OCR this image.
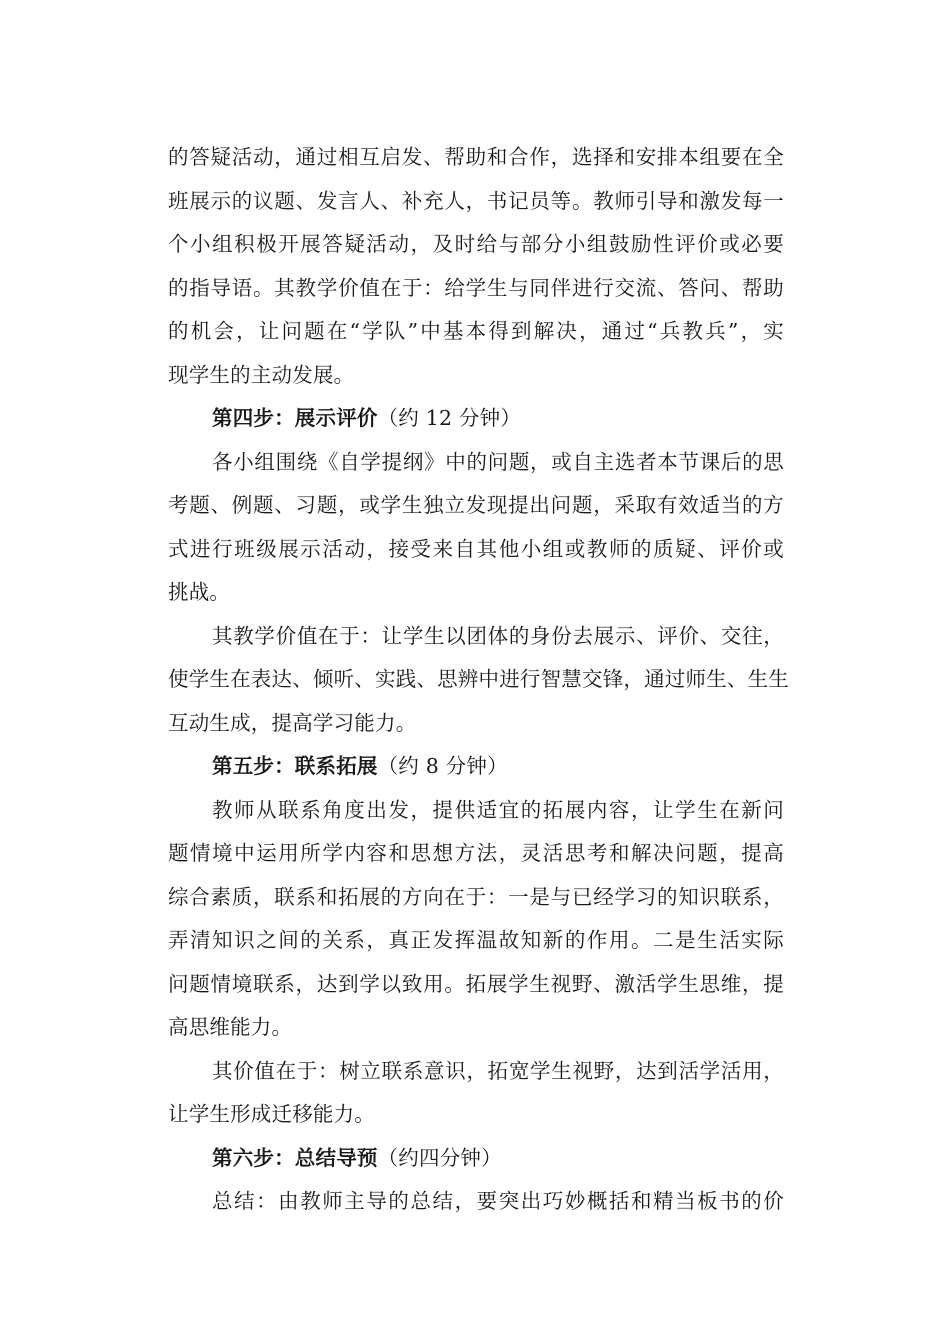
的答疑活动，通过相互启发、帮助和合作，选择和安排本组要在全
班展示的议题、发言人、补充人，书记员等。教师引导和激发每一
个小组积极开展答疑活动，及时给与部分小组鼓励性评价或必要
的指导语。其教学价值在于：给学生与同伴进行交流、答问、帮助
的机会，让问题在“学队”中基本得到解决，通过“兵教兵”，实
现学生的主动发展。
第四步：展示评价（约 12 分钟）
各小组围绕《自学提纲》中的问题，或自主选者本节课后的思
考题、例题、习题，或学生独立发现提出问题，采取有效适当的方
式进行班级展示活动，接受来自其他小组或教师的质疑、评价或
挑战。
其教学价值在于：让学生以团体的身份去展示、评价、交往，
使学生在表达、倾听、实践、思辨中进行智慧交锋，通过师生、生生
互动生成，提高学习能力。
第五步：联系拓展（约 8 分钟）
教师从联系角度出发，提供适宜的拓展内容，让学生在新问
题情境中运用所学内容和思想方法，灵活思考和解决问题，提高
综合素质，联系和拓展的方向在于：一是与已经学习的知识联系，
弄清知识之间的关系，真正发挥温故知新的作用。二是生活实际
问题情境联系，达到学以致用。拓展学生视野、激活学生思维，提
高思维能力。
其价值在于：树立联系意识，拓宽学生视野，达到活学活用，
让学生形成迁移能力。
第六步：总结导预（约四分钟）
总结：由教师主导的总结，要突出巧妙概括和精当板书的价
